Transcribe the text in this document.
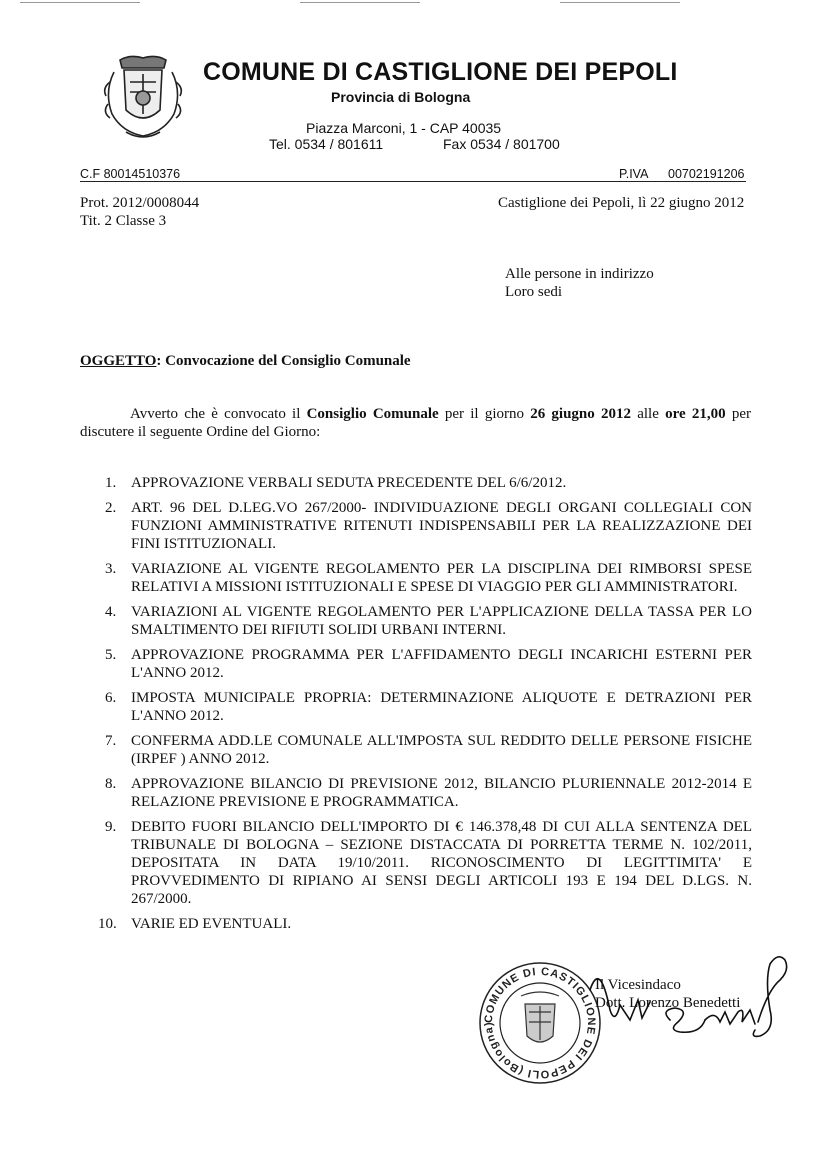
COMUNE DI CASTIGLIONE DEI PEPOLI
Provincia di Bologna
Piazza Marconi, 1 - CAP 40035
Tel. 0534 / 801611	Fax 0534 / 801700
C.F 80014510376	P.IVA 00702191206
Prot. 2012/0008044
Tit. 2 Classe 3
Castiglione dei Pepoli, lì 22 giugno 2012
Alle persone in indirizzo
Loro sedi
OGGETTO: Convocazione del Consiglio Comunale
Avverto che è convocato il Consiglio Comunale per il giorno 26 giugno 2012 alle ore 21,00 per discutere il seguente Ordine del Giorno:
1. APPROVAZIONE VERBALI SEDUTA PRECEDENTE DEL 6/6/2012.
2. ART. 96 DEL D.LEG.VO 267/2000- INDIVIDUAZIONE DEGLI ORGANI COLLEGIALI CON FUNZIONI AMMINISTRATIVE RITENUTI INDISPENSABILI PER LA REALIZZAZIONE DEI FINI ISTITUZIONALI.
3. VARIAZIONE AL VIGENTE REGOLAMENTO PER LA DISCIPLINA DEI RIMBORSI SPESE RELATIVI A MISSIONI ISTITUZIONALI E SPESE DI VIAGGIO PER GLI AMMINISTRATORI.
4. VARIAZIONI AL VIGENTE REGOLAMENTO PER L'APPLICAZIONE DELLA TASSA PER LO SMALTIMENTO DEI RIFIUTI SOLIDI URBANI INTERNI.
5. APPROVAZIONE PROGRAMMA PER L'AFFIDAMENTO DEGLI INCARICHI ESTERNI PER L'ANNO 2012.
6. IMPOSTA MUNICIPALE PROPRIA: DETERMINAZIONE ALIQUOTE E DETRAZIONI PER L'ANNO 2012.
7. CONFERMA ADD.LE COMUNALE ALL'IMPOSTA SUL REDDITO DELLE PERSONE FISICHE (IRPEF ) ANNO 2012.
8. APPROVAZIONE BILANCIO DI PREVISIONE 2012, BILANCIO PLURIENNALE 2012-2014 E RELAZIONE PREVISIONE E PROGRAMMATICA.
9. DEBITO FUORI BILANCIO DELL'IMPORTO DI € 146.378,48 DI CUI ALLA SENTENZA DEL TRIBUNALE DI BOLOGNA – SEZIONE DISTACCATA DI PORRETTA TERME N. 102/2011, DEPOSITATA IN DATA 19/10/2011. RICONOSCIMENTO DI LEGITTIMITA' E PROVVEDIMENTO DI RIPIANO AI SENSI DEGLI ARTICOLI 193 E 194 DEL D.LGS. N. 267/2000.
10. VARIE ED EVENTUALI.
COMUNE DI CASTIGLIONE DEI PEPOLI (Bologna)
Il Vicesindaco
Dott. Lorenzo Benedetti
